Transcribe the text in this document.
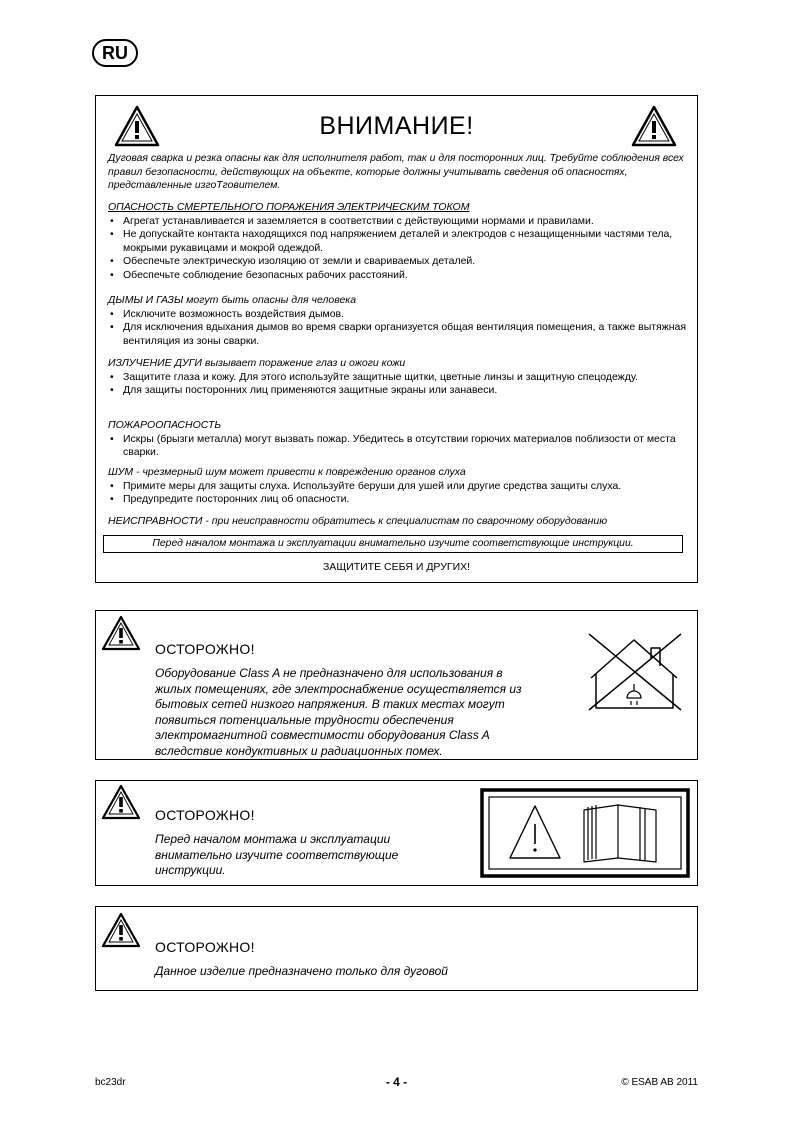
RU
ВНИМАНИЕ!
Дуговая сварка и резка опасны как для исполнителя работ, так и для посторонних лиц. Требуйте соблюдения всех правил безопасности, действующих на объекте, которые должны учитывать сведения об опасностях, представленные изгоТговителем.
ОПАСНОСТЬ СМЕРТЕЛЬНОГО ПОРАЖЕНИЯ ЭЛЕКТРИЧЕСКИМ ТОКОМ
• Агрегат устанавливается и заземляется в соответствии с действующими нормами и правилами.
• Не допускайте контакта находящихся под напряжением деталей и электродов с незащищенными частями тела, мокрыми рукавицами и мокрой одеждой.
• Обеспечьте электрическую изоляцию от земли и свариваемых деталей.
• Обеспечьте соблюдение безопасных рабочих расстояний.
ДЫМЫ И ГАЗЫ могут быть опасны для человека
• Исключите возможность воздействия дымов.
• Для исключения вдыхания дымов во время сварки организуется общая вентиляция помещения, а также вытяжная вентиляция из зоны сварки.
ИЗЛУЧЕНИЕ ДУГИ вызывает поражение глаз и ожоги кожи
• Защитите глаза и кожу. Для этого используйте защитные щитки, цветные линзы и защитную спецодежду.
• Для защиты посторонних лиц применяются защитные экраны или занавеси.
ПОЖАРООПАСНОСТЬ
• Искры (брызги металла) могут вызвать пожар. Убедитесь в отсутствии горючих материалов поблизости от места сварки.
ШУМ - чрезмерный шум может привести к повреждению органов слуха
• Примите меры для защиты слуха. Используйте беруши для ушей или другие средства защиты слуха.
• Предупредите посторонних лиц об опасности.
НЕИСПРАВНОСТИ - при неисправности обратитесь к специалистам по сварочному оборудованию
Перед началом монтажа и эксплуатации внимательно изучите соответствующие инструкции.
ЗАЩИТИТЕ СЕБЯ И ДРУГИХ!
ОСТОРОЖНО!
Оборудование Class A не предназначено для использования в
жилых помещениях, где электроснабжение осуществляется из
бытовых сетей низкого напряжения. В таких местах могут
появиться потенциальные трудности обеспечения
электромагнитной совместимости оборудования Class A
вследствие кондуктивных и радиационных помех.
ОСТОРОЖНО!
Перед началом монтажа и эксплуатации
внимательно изучите соответствующие
инструкции.
ОСТОРОЖНО!
Данное изделие предназначено только для дуговой
bc23dr	- 4 -	© ESAB AB 2011
